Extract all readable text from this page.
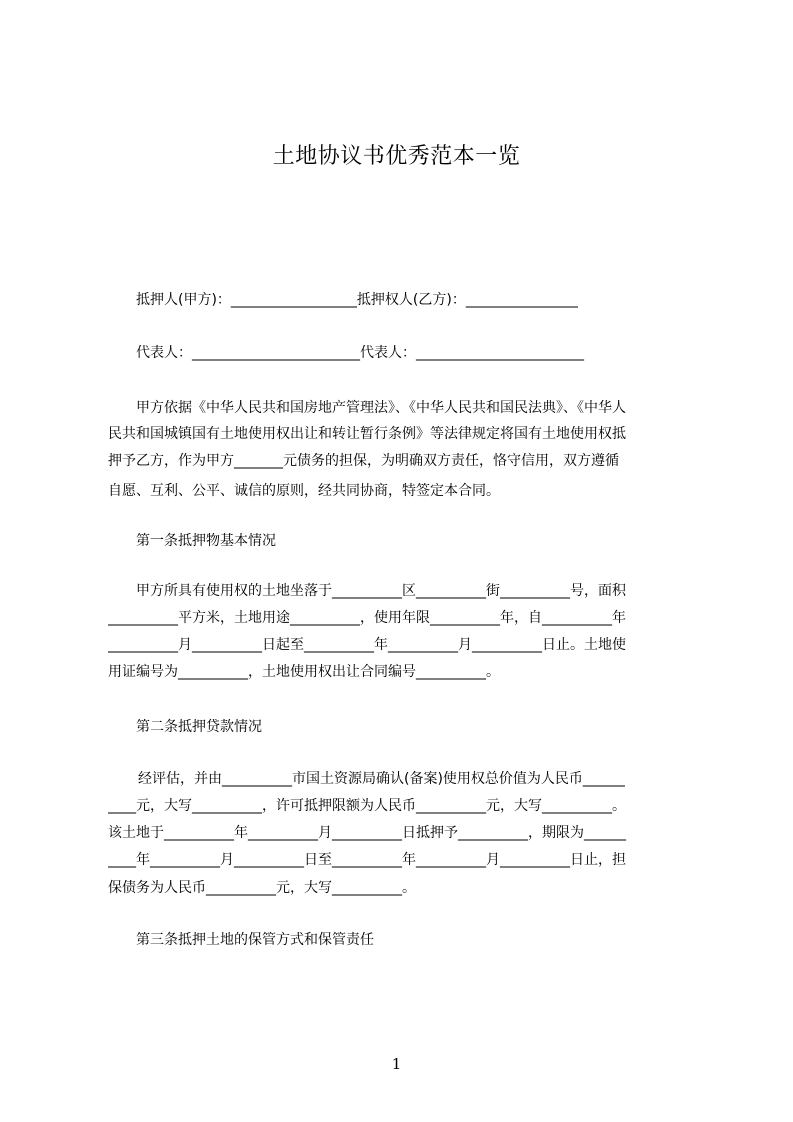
土地协议书优秀范本一览
抵押人(甲方)：__________________抵押权人(乙方)：________________
代表人：________________________代表人：________________________
甲方依据《中华人民共和国房地产管理法》、《中华人民共和国民法典》、《中华人
民共和国城镇国有土地使用权出让和转让暂行条例》等法律规定将国有土地使用权抵
押予乙方，作为甲方_______元债务的担保，为明确双方责任，恪守信用，双方遵循
自愿、互利、公平、诚信的原则，经共同协商，特签定本合同。
第一条抵押物基本情况
甲方所具有使用权的土地坐落于__________区__________街__________号，面积
__________平方米，土地用途__________，使用年限__________年，自__________年
__________月__________日起至__________年__________月__________日止。土地使
用证编号为__________，土地使用权出让合同编号__________。
第二条抵押贷款情况
经评估，并由__________市国土资源局确认(备案)使用权总价值为人民币______
____元，大写__________，许可抵押限额为人民币__________元，大写__________。
该土地于__________年__________月__________日抵押予__________，期限为______
____年__________月__________日至__________年__________月__________日止，担
保债务为人民币__________元，大写__________。
第三条抵押土地的保管方式和保管责任
1
